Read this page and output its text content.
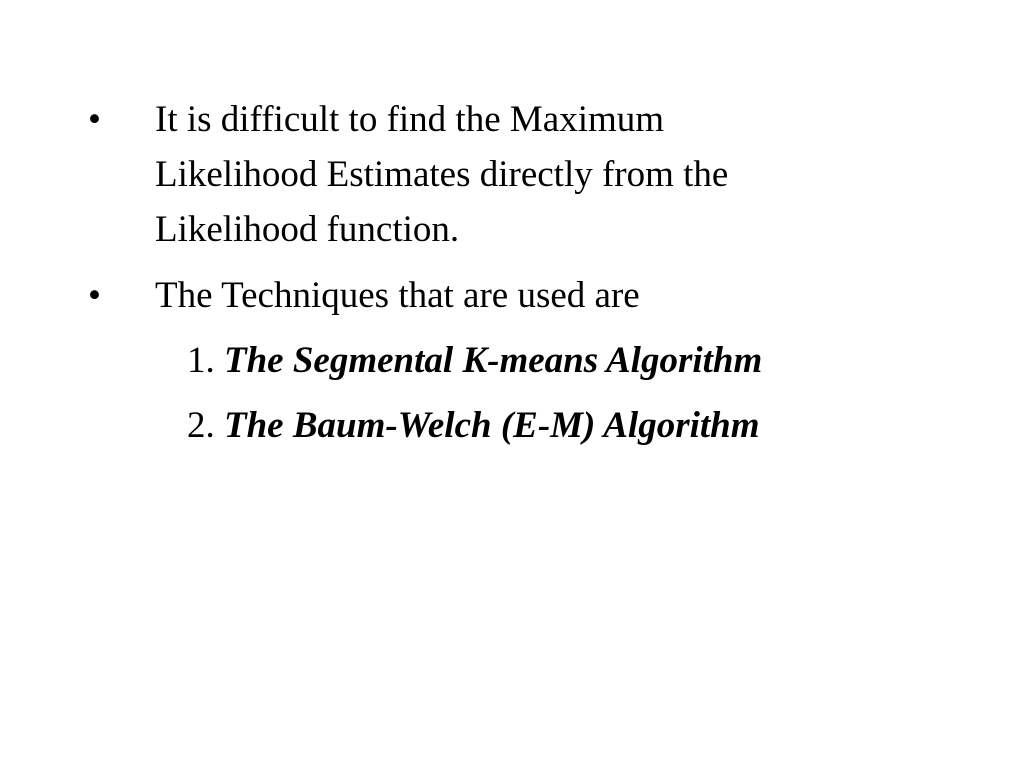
• It is difficult to find the Maximum
Likelihood Estimates directly from the
Likelihood function.
• The Techniques that are used are
1. The Segmental K-means Algorithm
2. The Baum-Welch (E-M) Algorithm
